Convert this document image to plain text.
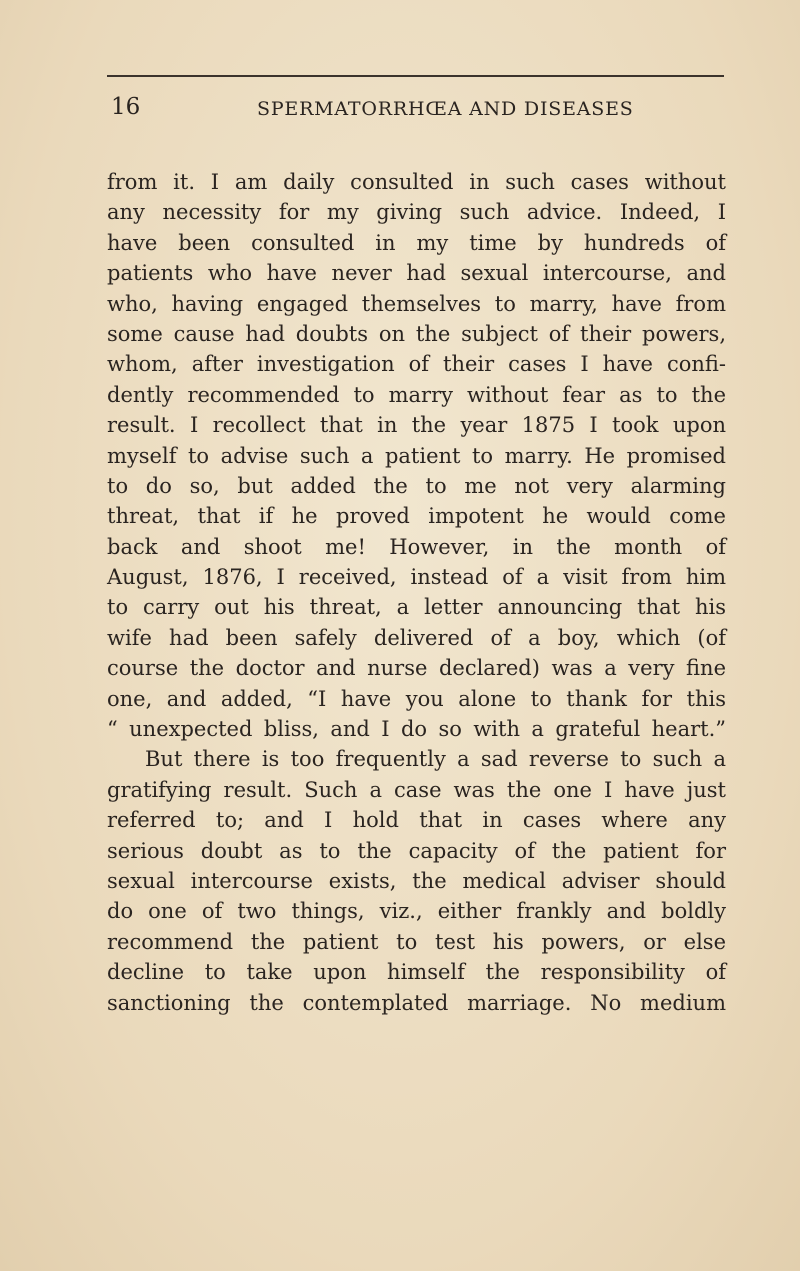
16	SPERMATORRHŒA AND DISEASES
from it. I am daily consulted in such cases without
any necessity for my giving such advice. Indeed, I
have been consulted in my time by hundreds of
patients who have never had sexual intercourse, and
who, having engaged themselves to marry, have from
some cause had doubts on the subject of their powers,
whom, after investigation of their cases I have confi-
dently recommended to marry without fear as to the
result. I recollect that in the year 1875 I took upon
myself to advise such a patient to marry. He promised
to do so, but added the to me not very alarming
threat, that if he proved impotent he would come
back and shoot me! However, in the month of
August, 1876, I received, instead of a visit from him
to carry out his threat, a letter announcing that his
wife had been safely delivered of a boy, which (of
course the doctor and nurse declared) was a very fine
one, and added, “I have you alone to thank for this
“ unexpected bliss, and I do so with a grateful heart.”
But there is too frequently a sad reverse to such a
gratifying result. Such a case was the one I have just
referred to; and I hold that in cases where any
serious doubt as to the capacity of the patient for
sexual intercourse exists, the medical adviser should
do one of two things, viz., either frankly and boldly
recommend the patient to test his powers, or else
decline to take upon himself the responsibility of
sanctioning the contemplated marriage. No medium
